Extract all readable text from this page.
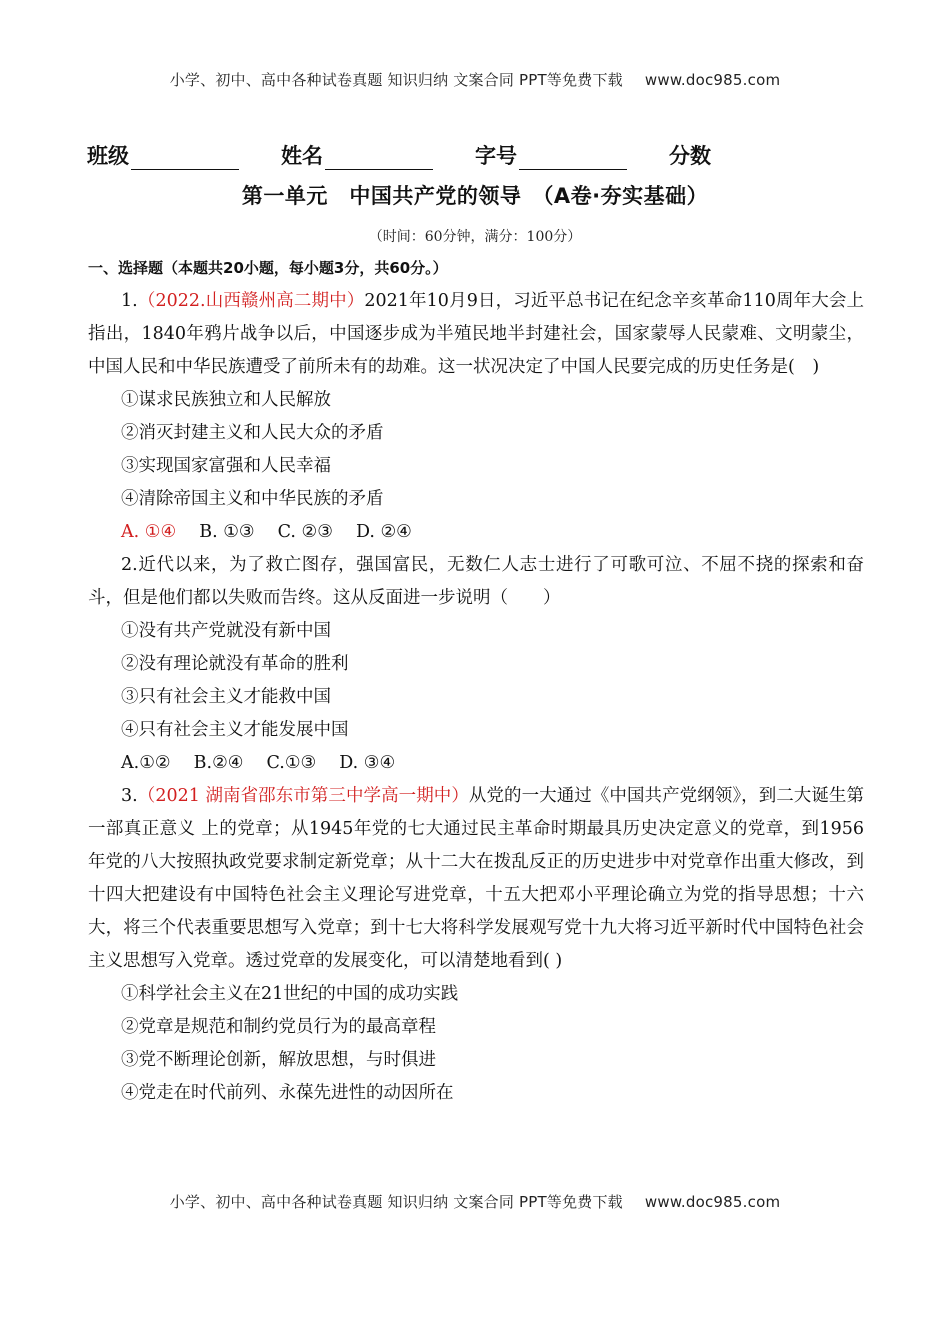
小学、初中、高中各种试卷真题 知识归纳 文案合同 PPT等免费下载 www.doc985.com
班级	姓名	字号	分数
第一单元　中国共产党的领导　（A卷·夯实基础）
（时间：60分钟，满分：100分）
一、选择题（本题共20小题，每小题3分，共60分。）

1.（2022.山西赣州高二期中）2021年10月9日，习近平总书记在纪念辛亥革命110周年大会上指出，1840年鸦片战争以后，中国逐步成为半殖民地半封建社会，国家蒙辱人民蒙难、文明蒙尘，中国人民和中华民族遭受了前所未有的劫难。这一状况决定了中国人民要完成的历史任务是(　)

①谋求民族独立和人民解放

②消灭封建主义和人民大众的矛盾

③实现国家富强和人民幸福

④清除帝国主义和中华民族的矛盾

A. ①④　 B. ①③　 C. ②③　 D. ②④

2.近代以来，为了救亡图存，强国富民，无数仁人志士进行了可歌可泣、不屈不挠的探索和奋斗，但是他们都以失败而告终。这从反面进一步说明（　　）

①没有共产党就没有新中国

②没有理论就没有革命的胜利

③只有社会主义才能救中国

④只有社会主义才能发展中国

A.①②　 B.②④　 C.①③　 D. ③④

3.（2021 湖南省邵东市第三中学高一期中）从党的一大通过《中国共产党纲领》，到二大诞生第一部真正意义 上的党章；从1945年党的七大通过民主革命时期最具历史决定意义的党章，到1956年党的八大按照执政党要求制定新党章；从十二大在拨乱反正的历史进步中对党章作出重大修改，到十四大把建设有中国特色社会主义理论写进党章，十五大把邓小平理论确立为党的指导思想；十六大，将三个代表重要思想写入党章；到十七大将科学发展观写党十九大将习近平新时代中国特色社会主义思想写入党章。透过党章的发展变化，可以清楚地看到( )

①科学社会主义在21世纪的中国的成功实践

②党章是规范和制约党员行为的最高章程

③党不断理论创新，解放思想，与时俱进

④党走在时代前列、永葆先进性的动因所在

小学、初中、高中各种试卷真题 知识归纳 文案合同 PPT等免费下载 www.doc985.com
